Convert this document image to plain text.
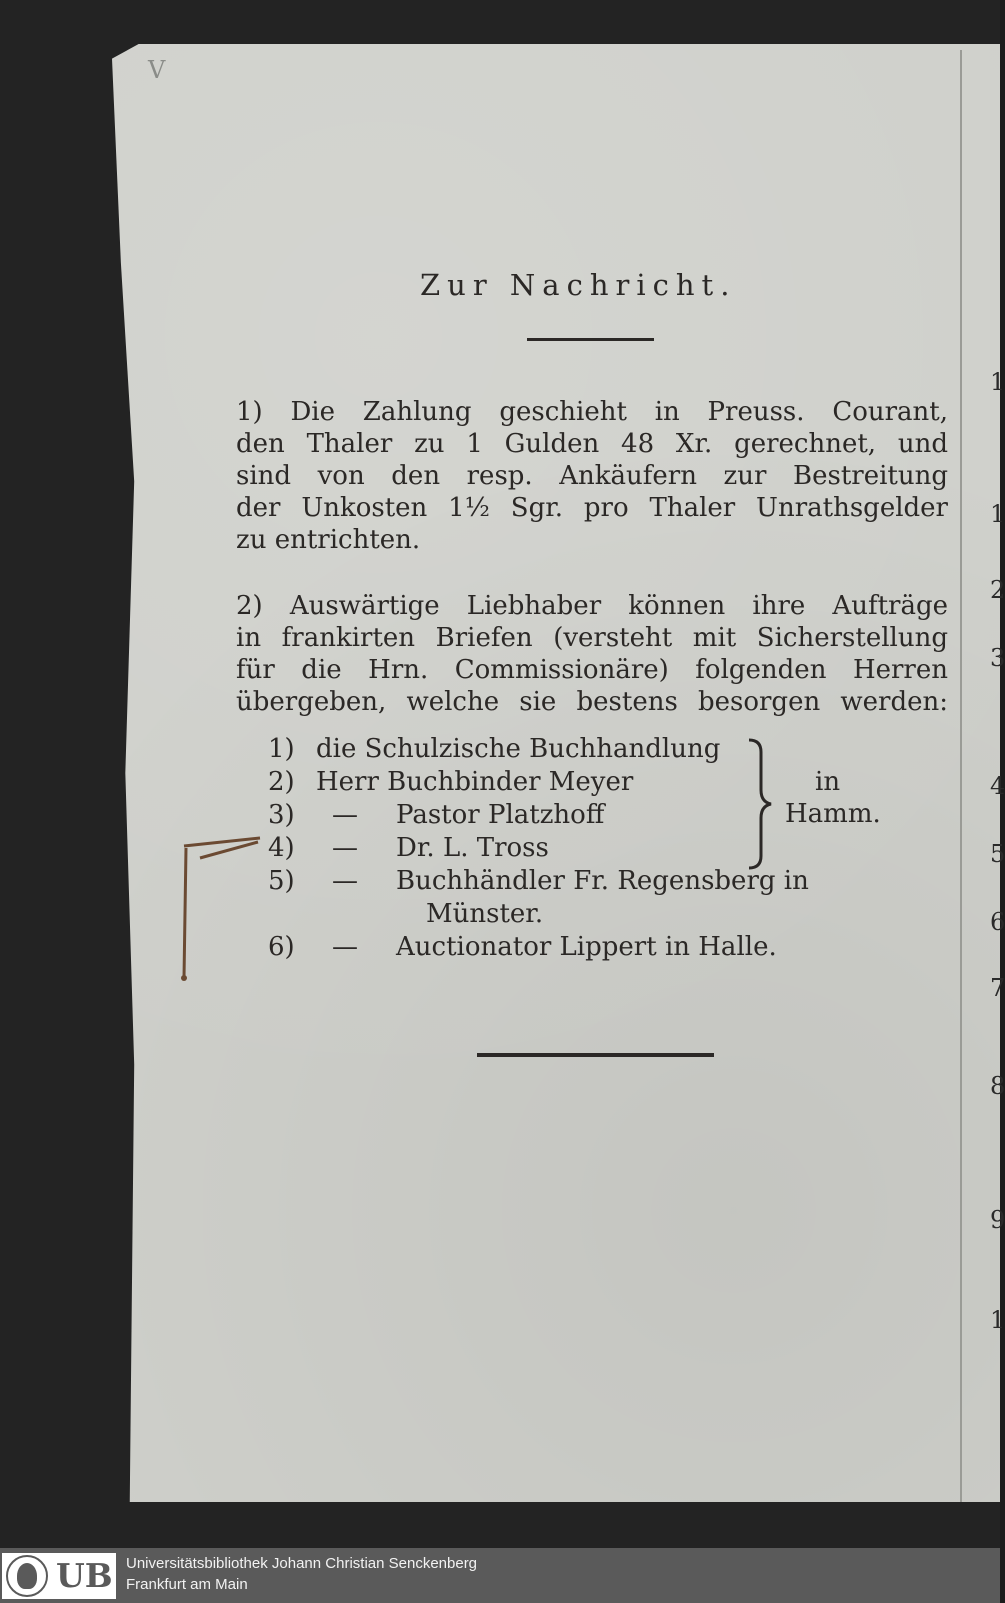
1
1
2
3
4
5
6
7
8
9
1
V
Zur Nachricht.
1) Die Zahlung geschieht in Preuss. Courant,
den Thaler zu 1 Gulden 48 Xr. gerechnet, und
sind von den resp. Ankäufern zur Bestreitung
der Unkosten 1½ Sgr. pro Thaler Unrathsgelder
zu entrichten.
2) Auswärtige Liebhaber können ihre Aufträge
in frankirten Briefen (versteht mit Sicherstellung
für die Hrn. Commissionäre) folgenden Herren
übergeben, welche sie bestens besorgen werden:
1) die Schulzische Buchhandlung
2) Herr Buchbinder Meyer
3) — Pastor Platzhoff
4) — Dr. L. Tross
5) — Buchhändler Fr. Regensberg in
Münster.
6) — Auctionator Lippert in Halle.
in
Hamm.
UB Universitätsbibliothek Johann Christian Senckenberg
Frankfurt am Main
